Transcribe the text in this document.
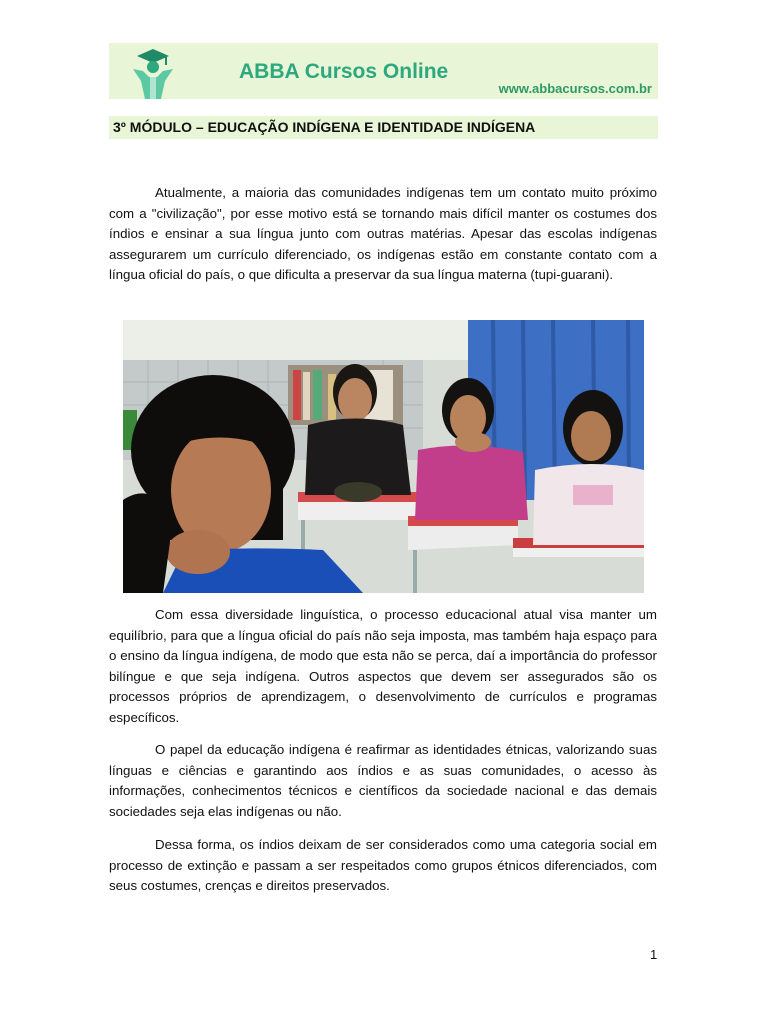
ABBA Cursos Online
www.abbacursos.com.br
3º MÓDULO – EDUCAÇÃO INDÍGENA E IDENTIDADE INDÍGENA

Atualmente, a maioria das comunidades indígenas tem um contato muito próximo com a "civilização", por esse motivo está se tornando mais difícil manter os costumes dos índios e ensinar a sua língua junto com outras matérias. Apesar das escolas indígenas assegurarem um currículo diferenciado, os indígenas estão em constante contato com a língua oficial do país, o que dificulta a preservar da sua língua materna (tupi-guarani).

Com essa diversidade linguística, o processo educacional atual visa manter um equilíbrio, para que a língua oficial do país não seja imposta, mas também haja espaço para o ensino da língua indígena, de modo que esta não se perca, daí a importância do professor bilíngue e que seja indígena. Outros aspectos que devem ser assegurados são os processos próprios de aprendizagem, o desenvolvimento de currículos e programas específicos.

O papel da educação indígena é reafirmar as identidades étnicas, valorizando suas línguas e ciências e garantindo aos índios e as suas comunidades, o acesso às informações, conhecimentos técnicos e científicos da sociedade nacional e das demais sociedades seja elas indígenas ou não.

Dessa forma, os índios deixam de ser considerados como uma categoria social em processo de extinção e passam a ser respeitados como grupos étnicos diferenciados, com seus costumes, crenças e direitos preservados.

1
